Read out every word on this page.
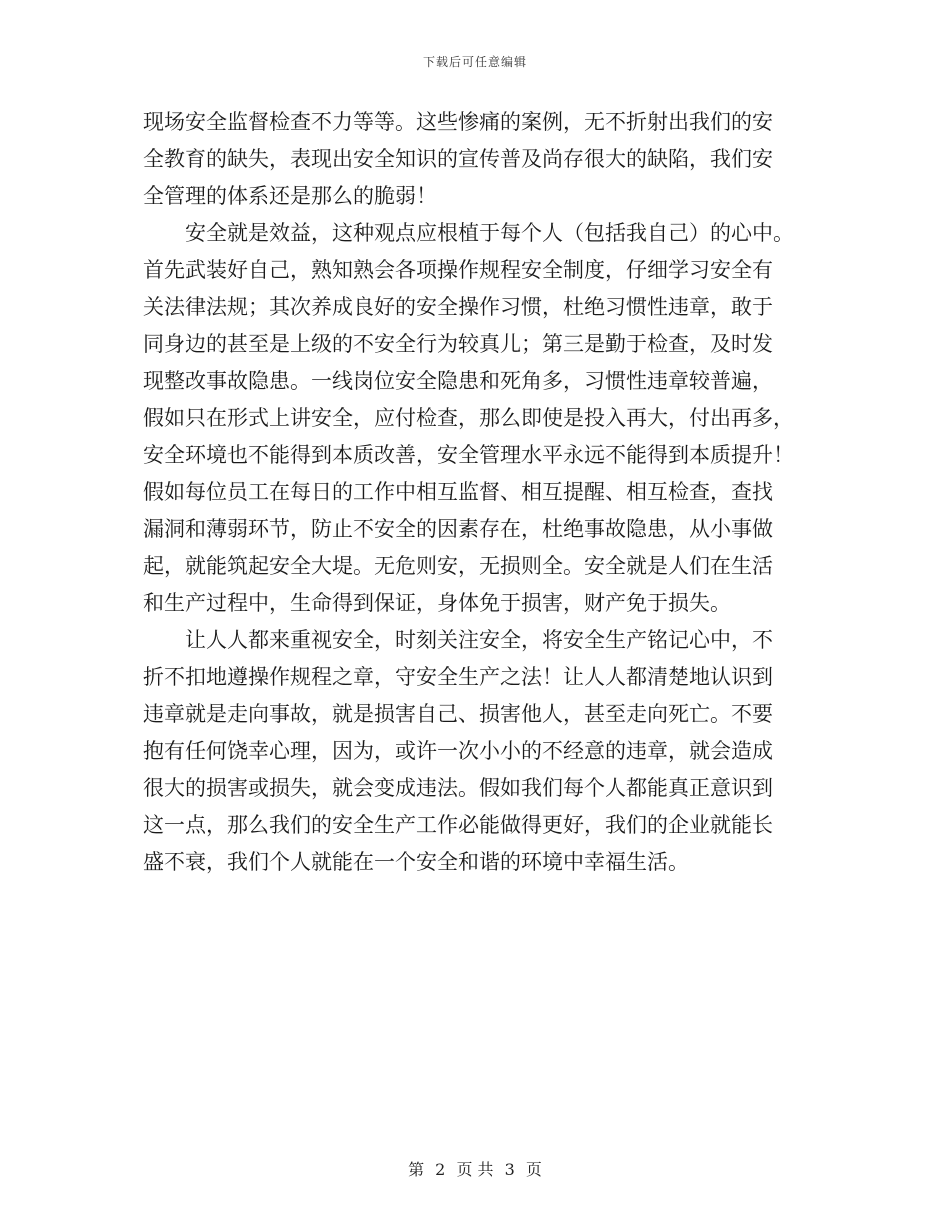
下载后可任意编辑
现场安全监督检查不力等等。这些惨痛的案例，无不折射出我们的安
全教育的缺失，表现出安全知识的宣传普及尚存很大的缺陷，我们安
全管理的体系还是那么的脆弱！
安全就是效益，这种观点应根植于每个人（包括我自己）的心中。
首先武装好自己，熟知熟会各项操作规程安全制度，仔细学习安全有
关法律法规；其次养成良好的安全操作习惯，杜绝习惯性违章，敢于
同身边的甚至是上级的不安全行为较真儿；第三是勤于检查，及时发
现整改事故隐患。一线岗位安全隐患和死角多，习惯性违章较普遍，
假如只在形式上讲安全，应付检查，那么即使是投入再大，付出再多，
安全环境也不能得到本质改善，安全管理水平永远不能得到本质提升！
假如每位员工在每日的工作中相互监督、相互提醒、相互检查，查找
漏洞和薄弱环节，防止不安全的因素存在，杜绝事故隐患，从小事做
起，就能筑起安全大堤。无危则安，无损则全。安全就是人们在生活
和生产过程中，生命得到保证，身体免于损害，财产免于损失。
让人人都来重视安全，时刻关注安全，将安全生产铭记心中，不
折不扣地遵操作规程之章，守安全生产之法！让人人都清楚地认识到
违章就是走向事故，就是损害自己、损害他人，甚至走向死亡。不要
抱有任何饶幸心理，因为，或许一次小小的不经意的违章，就会造成
很大的损害或损失，就会变成违法。假如我们每个人都能真正意识到
这一点，那么我们的安全生产工作必能做得更好，我们的企业就能长
盛不衰，我们个人就能在一个安全和谐的环境中幸福生活。
第 2 页 共 3 页
